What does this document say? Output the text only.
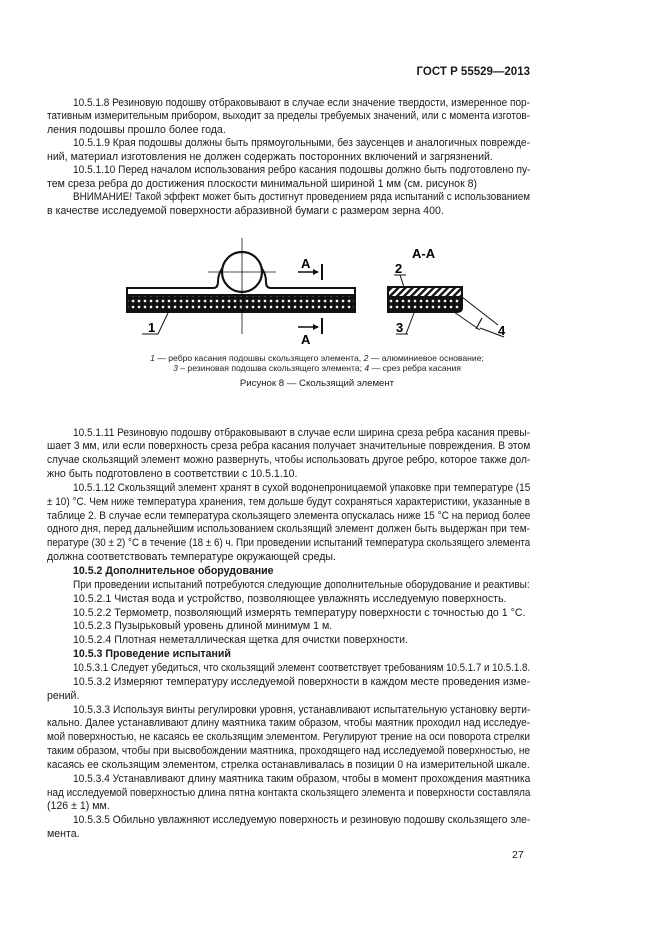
ГОСТ Р 55529—2013
10.5.1.8 Резиновую подошву отбраковывают в случае если значение твердости, измеренное пор-
тативным измерительным прибором, выходит за пределы требуемых значений, или с момента изготов-
ления подошвы прошло более года.
10.5.1.9 Края подошвы должны быть прямоугольными, без заусенцев и аналогичных поврежде-
ний, материал изготовления не должен содержать посторонних включений и загрязнений.
10.5.1.10 Перед началом использования ребро касания подошвы должно быть подготовлено пу-
тем среза ребра до достижения плоскости минимальной шириной 1 мм (см. рисунок 8)
ВНИМАНИЕ! Такой эффект может быть достигнут проведением ряда испытаний с использованием
в качестве исследуемой поверхности абразивной бумаги с размером зерна 400.
А
А
1
А-А
4
2
3
1 — ребро касания подошвы скользящего элемента, 2 — алюминиевое основание;
3 – резиновая подошва скользящего элемента; 4 — срез ребра касания
Рисунок 8 — Скользящий элемент
10.5.1.11 Резиновую подошву отбраковывают в случае если ширина среза ребра касания превы-
шает 3 мм, или если поверхность среза ребра касания получает значительные повреждения. В этом
случае скользящий элемент можно развернуть, чтобы использовать другое ребро, которое также дол-
жно быть подготовлено в соответствии с 10.5.1.10.
10.5.1.12 Скользящий элемент хранят в сухой водонепроницаемой упаковке при температуре (15
± 10) °С. Чем ниже температура хранения, тем дольше будут сохраняться характеристики, указанные в
таблице 2. В случае если температура скользящего элемента опускалась ниже 15 °С на период более
одного дня, перед дальнейшим использованием скользящий элемент должен быть выдержан при тем-
пературе (30 ± 2) °С в течение (18 ± 6) ч. При проведении испытаний температура скользящего элемента
должна соответствовать температуре окружающей среды.
10.5.2 Дополнительное оборудование
При проведении испытаний потребуются следующие дополнительные оборудование и реактивы:
10.5.2.1 Чистая вода и устройство, позволяющее увлажнять исследуемую поверхность.
10.5.2.2 Термометр, позволяющий измерять температуру поверхности с точностью до 1 °С.
10.5.2.3 Пузырьковый уровень длиной минимум 1 м.
10.5.2.4 Плотная неметаллическая щетка для очистки поверхности.
10.5.3 Проведение испытаний
10.5.3.1 Следует убедиться, что скользящий элемент соответствует требованиям 10.5.1.7 и 10.5.1.8.
10.5.3.2 Измеряют температуру исследуемой поверхности в каждом месте проведения изме-
рений.
10.5.3.3 Используя винты регулировки уровня, устанавливают испытательную установку верти-
кально. Далее устанавливают длину маятника таким образом, чтобы маятник проходил над исследуе-
мой поверхностью, не касаясь ее скользящим элементом. Регулируют трение на оси поворота стрелки
таким образом, чтобы при высвобождении маятника, проходящего над исследуемой поверхностью, не
касаясь ее скользящим элементом, стрелка останавливалась в позиции 0 на измерительной шкале.
10.5.3.4 Устанавливают длину маятника таким образом, чтобы в момент прохождения маятника
над исследуемой поверхностью длина пятна контакта скользящего элемента и поверхности составляла
(126 ± 1) мм.
10.5.3.5 Обильно увлажняют исследуемую поверхность и резиновую подошву скользящего эле-
мента.
27
